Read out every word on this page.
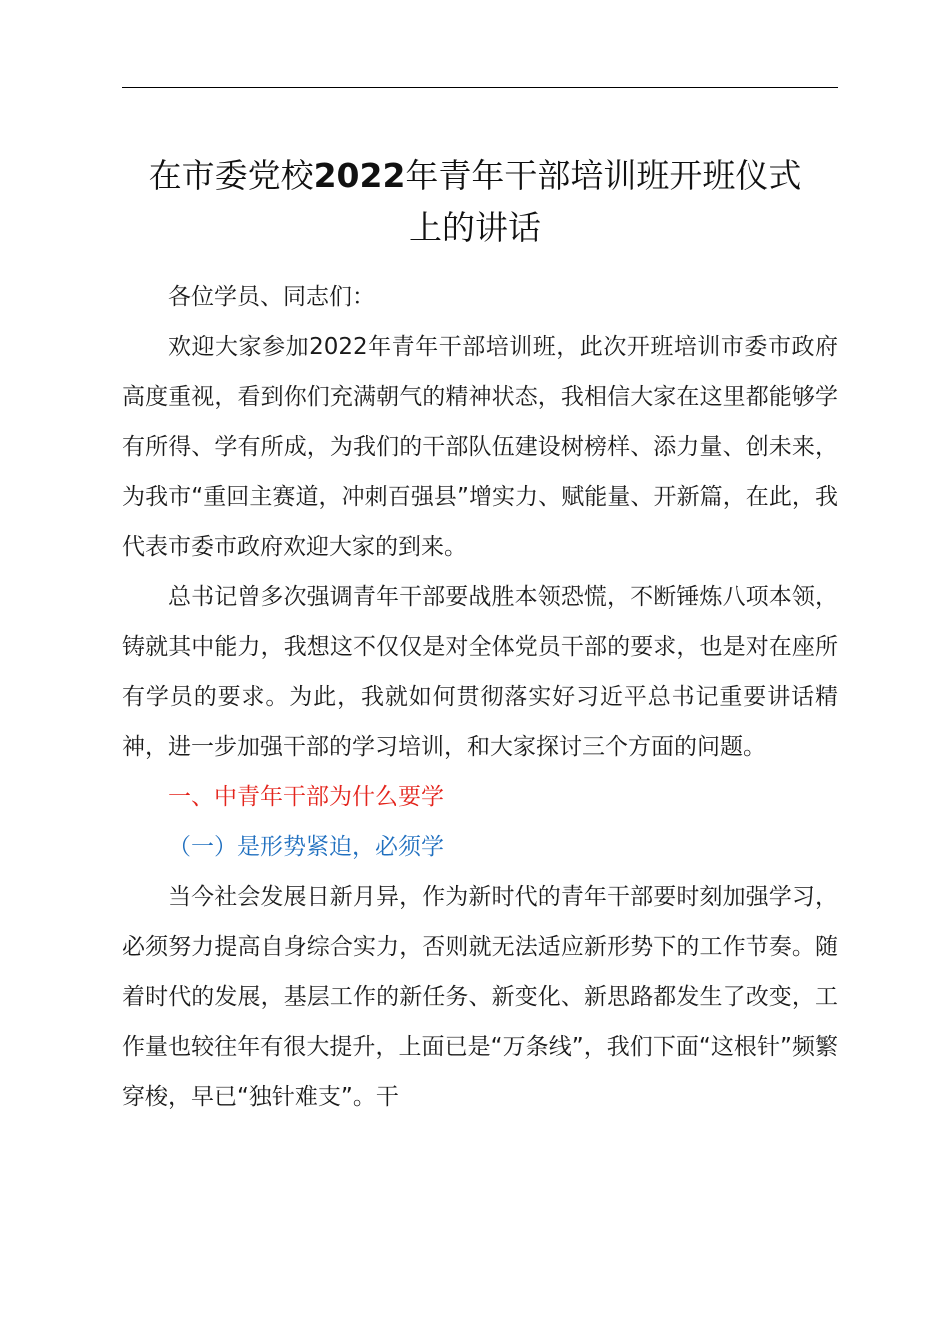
在市委党校2022年青年干部培训班开班仪式
上的讲话

各位学员、同志们：

欢迎大家参加2022年青年干部培训班，此次开班培训市委市政府高度重视，看到你们充满朝气的精神状态，我相信大家在这里都能够学有所得、学有所成，为我们的干部队伍建设树榜样、添力量、创未来，为我市“重回主赛道，冲刺百强县”增实力、赋能量、开新篇，在此，我代表市委市政府欢迎大家的到来。

总书记曾多次强调青年干部要战胜本领恐慌，不断锤炼八项本领，铸就其中能力，我想这不仅仅是对全体党员干部的要求，也是对在座所有学员的要求。为此，我就如何贯彻落实好习近平总书记重要讲话精神，进一步加强干部的学习培训，和大家探讨三个方面的问题。

一、中青年干部为什么要学

（一）是形势紧迫，必须学

当今社会发展日新月异，作为新时代的青年干部要时刻加强学习，必须努力提高自身综合实力，否则就无法适应新形势下的工作节奏。随着时代的发展，基层工作的新任务、新变化、新思路都发生了改变，工作量也较往年有很大提升，上面已是“万条线”，我们下面“这根针”频繁穿梭，早已“独针难支”。干
